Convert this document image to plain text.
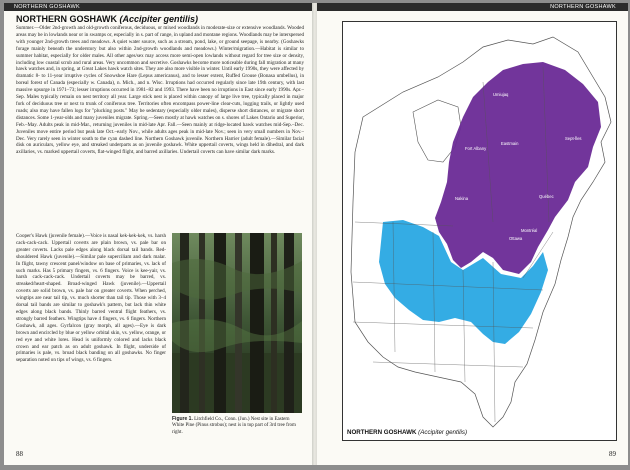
NORTHERN GOSHAWK
NORTHERN GOSHAWK (Accipiter gentilis)
Summer.—Older 2nd-growth and old-growth coniferous, deciduous, or mixed woodlands in moderate-size or extensive woodlands. Wooded areas may be in lowlands near or in swamps or, especially in s. part of range, in upland and montane regions. Woodlands may be interspersed with younger 2nd-growth trees and meadows. A quiet water source, such as a stream, pond, lake, or ground seepage, is nearby. (Goshawks forage mainly beneath the understory but also within 2nd-growth woodlands and meadows.) Winter/migration.—Habitat is similar to summer habitat, especially for older males. All other ages/sex may access more semi-open lowlands without regard for tree size or density, including low coastal scrub and rural areas. Very uncommon and secretive. Goshawks become more noticeable during fall migration at many hawk watches and, in spring, at Great Lakes hawk watch sites. They are also more visible in winter. Until early 1990s, they were affected by dramatic 8- to 11-year irruptive cycles of Snowshoe Hare (Lepus americanus), and to lesser extent, Ruffed Grouse (Bonasa umbellus), in boreal forest of Canada (especially w. Canada), n. Mich., and n. Wisc. Irruptions had occurred regularly since late 19th century, with last massive upsurge in 1971–73; lesser irruptions occurred in 1981–82 and 1993. There have been no irruptions in East since early 1990s. Apr.–Sep. Males typically remain on nest territory all year. Large stick nest is placed within canopy of large live tree, typically placed in major fork of deciduous tree or next to trunk of coniferous tree. Territories often encompass power-line clear-cuts, logging trails, or lightly used roads; also may have fallen logs for "plucking posts." May be sedentary (especially older males), disperse short distances, or migrate short distances. Some 1-year-olds and many juveniles migrate. Spring.—Seen mostly at hawk watches on s. shores of Lakes Ontario and Superior, Feb.–May. Adults peak in mid-Mar., returning juveniles in mid-late Apr. Fall.—Seen mainly at ridge-located hawk watches mid-Sep.–Dec. Juveniles move entire period but peak late Oct.–early Nov., while adults ages peak in mid-late Nov.; seen in very small numbers in Nov.–Dec. Very rarely seen in winter south to the cyan dashed line. Northern Goshawk juvenile. Northern Harrier (adult female).—Similar facial disk on auriculars, yellow eye, and streaked underparts as on juvenile goshawk. White uppertail coverts, wings held in dihedral, and dark axillaries, vs. marked uppertail coverts, flat-winged flight, and barred axillaries. Undertail coverts can have similar dark marks.
Cooper's Hawk (juvenile female).—Voice is nasal kek-kek-kek, vs. harsh cack-cack-cack. Uppertail coverts are plain brown, vs. pale bar on greater coverts. Lacks pale edges along black dorsal tail bands. Red-shouldered Hawk (juvenile).—Similar pale superciliam and dark malar. In flight, tawny crescent panel/window on base of primaries, vs. lack of such marks. Has 5 primary fingers, vs. 6 fingers. Voice is kee-yair, vs. harsh cack-cack-cack. Undertail coverts may be barred, vs. streaked/heart-shaped. Broad-winged Hawk (juvenile).—Uppertail coverts are solid brown, vs. pale bar on greater coverts. When perched, wingtips are near tail tip, vs. much shorter than tail tip. Those with 3–4 dorsal tail bands are similar to goshawk's pattern, but lack thin white edges along black bands. Thinly barred ventral flight feathers, vs. strongly barred feathers. Wingtips have 4 fingers, vs. 6 fingers. Northern Goshawk, all ages. Gyrfalcon (gray morph, all ages).—Eye is dark brown and encircled by blue or yellow orbital skin, vs. yellow, orange, or red eye and white lores. Head is uniformly colored and lacks black crown and ear patch as on adult goshawk. In flight, underside of primaries is pale, vs. broad black banding on all goshawks. No finger separation noted on tips of wings, vs. 6 fingers.
Figure 1. Litchfield Co., Conn. (Jun.) Nest site in Eastern White Pine (Pinus strobus); nest is in top part of 3rd tree from right.
88
NORTHERN GOSHAWK
Umiujaq
Fort Albany
Eastmain
Nakina
Sept-Îles
Ottawa
Montréal
Québec
NORTHERN GOSHAWK (Accipiter gentilis)
89
